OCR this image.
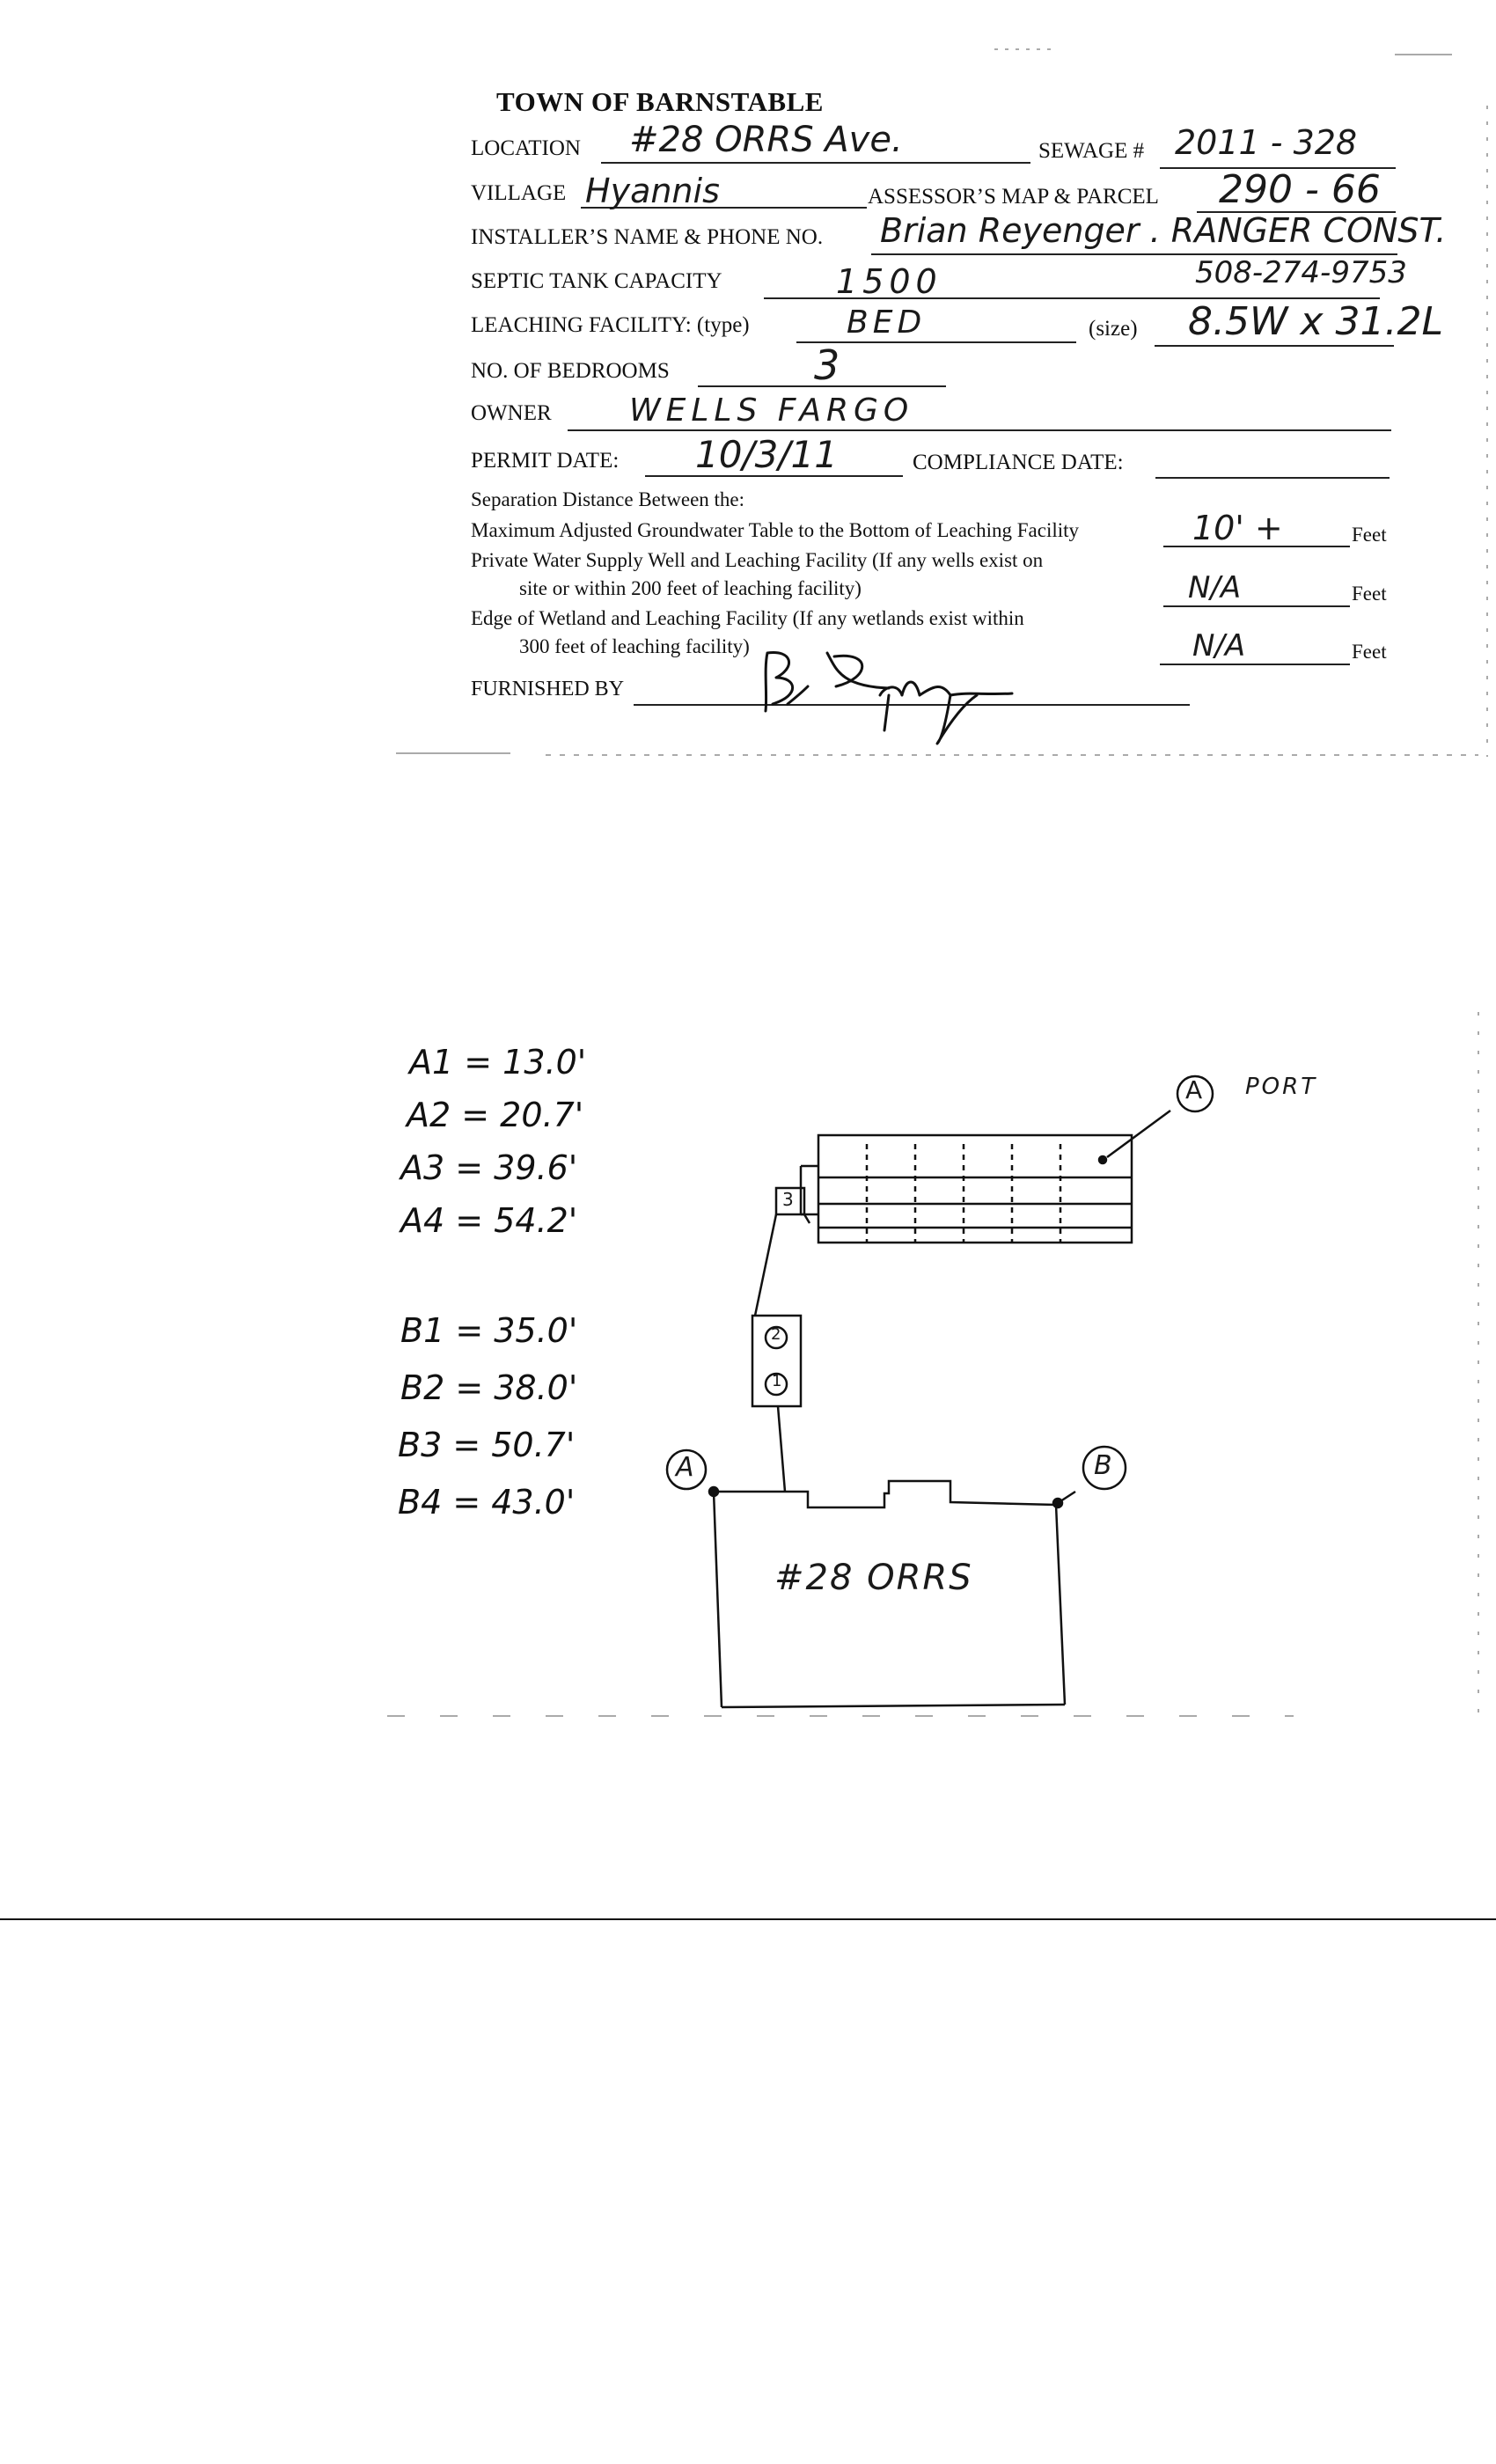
TOWN OF BARNSTABLE
LOCATION #28 ORRS Ave.	SEWAGE # 2011 - 328
VILLAGE Hyannis	ASSESSOR’S MAP & PARCEL 290 - 66
INSTALLER’S NAME & PHONE NO. Brian Reyenger . RANGER CONST.
SEPTIC TANK CAPACITY	1500	508-274-9753
LEACHING FACILITY: (type)	BED	(size) 8.5W x 31.2L
NO. OF BEDROOMS	3
OWNER WELLS FARGO
PERMIT DATE: 10/3/11	COMPLIANCE DATE:
Separation Distance Between the:
Maximum Adjusted Groundwater Table to the Bottom of Leaching Facility	10' +	Feet
Private Water Supply Well and Leaching Facility (If any wells exist on
site or within 200 feet of leaching facility)	N/A	Feet
Edge of Wetland and Leaching Facility (If any wetlands exist within
300 feet of leaching facility)	N/A	Feet
FURNISHED BY
A PORT
3
2
1
A	B
#28 ORRS
A1 = 13.0'
A2 = 20.7'
A3 = 39.6'
A4 = 54.2'
B1 = 35.0'
B2 = 38.0'
B3 = 50.7'
B4 = 43.0'
